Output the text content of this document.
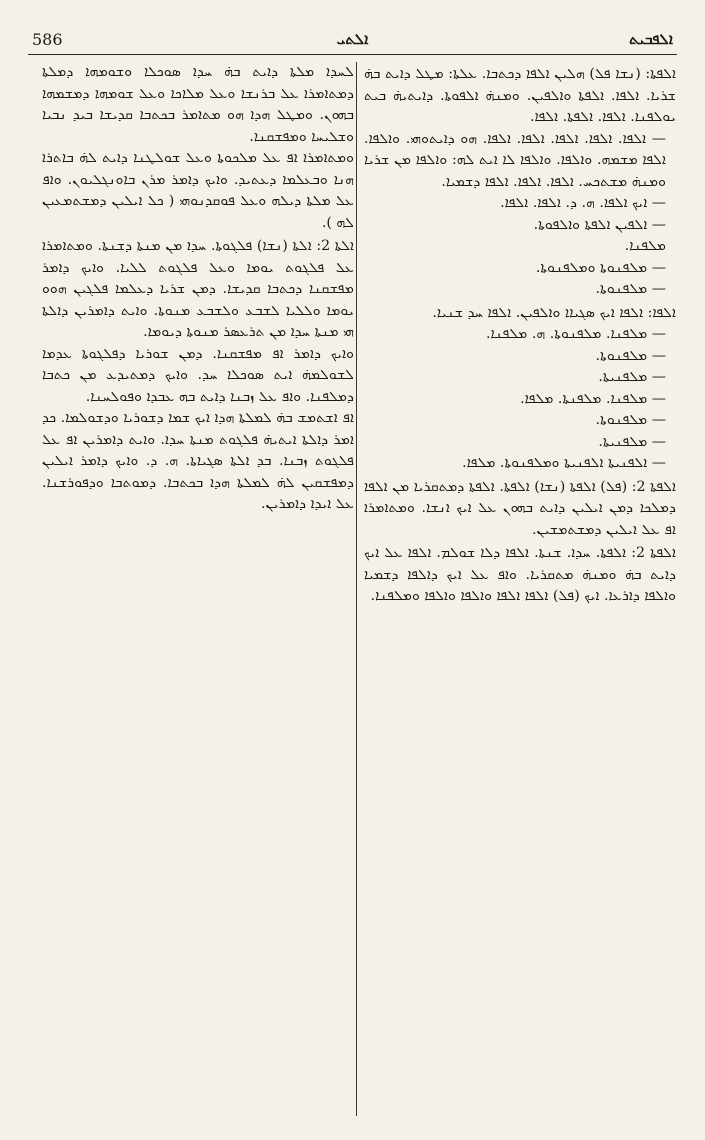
586	ܐܠܬܝ	ܐܠܦܒܝܬ

ܠܚܕܐ ܡܠܬܐ ܕܐܝܬ ܒܗ̇ ܚܕܐ ܣܘܟܠܐ ܘܫܘܡܗܐ ܕܡܠܬܐ ܕܡܬܐܡܪܐ ܥܠ ܒܪܢܫܐ ܘܥܠ ܡܠܐܟܐ ܘܥܠ ܫܘܡܗܐ ܕܡܫܡܗܐ ܒܗܘܢ. ܘܡܛܠ ܗܕܐ ܗܘ ܡܬܐܡܪ ܒܟܬܒܐ ܩܕܝܫܐ ܒܝܕ ܢܒܝܐ ܘܫܠܝܚܐ ܘܡܦܫܩܢܐ.

ܘܡܬܐܡܪܐ ܐܦ ܥܠ ܡܠܟܘܬܐ ܘܥܠ ܫܘܠܛܢܐ ܕܐܝܬ ܠܗ̇ ܒܐܬܪܐ ܗܢܐ ܘܒܥܠܡܐ ܕܥܬܝܕ. ܘܐܝܟ ܕܐܡܪ ܡܪܢ ܒܐܘܢܓܠܝܘܢ. ܘܐܦ ܥܠ ܡܠܬܐ ܕܝܠܗ ܘܥܠ ܦܘܩܕܢܘܗܝ ( ܟܠ ܐܝܠܝܢ ܕܡܫܬܡܥܝܢ ܠܗ ).

ܐܠܬܐ 2: ܐܠܬܐ (ܢܫܐ) ܦܠܓܘܬܐ. ܚܕܐ ܡܢ ܡܢܬܐ ܕܫܢܬܐ. ܘܡܬܐܡܪܐ ܥܠ ܦܠܓܘܬ ܝܘܡܐ ܘܥܠ ܦܠܓܘܬ ܠܠܝܐ. ܘܐܝܟ ܕܐܡܪ ܡܦܫܩܢܐ ܕܟܬܒܐ ܩܕܝܫܐ. ܕܡܢ ܫܪܝܐ ܕܥܠܡܐ ܦܠܓܝܢ ܗܘܘ ܝܘܡܐ ܘܠܠܝܐ ܠܫܒܥ ܘܠܫܒܥ ܡܢܘܬܐ. ܘܐܝܬ ܕܐܡܪܝܢ ܕܐܠܬܐ ܗܝ ܡܢܬܐ ܚܕܐ ܡܢ ܬܪܥܣܪ ܡܢܘܬܐ ܕܝܘܡܐ.

ܘܐܝܟ ܕܐܡܪ ܐܦ ܡܦܫܩܢܐ. ܕܡܢ ܫܘܪܝܐ ܕܦܠܓܘܬܐ ܥܕܡܐ ܠܫܘܠܡܗ̇ ܐܝܬ ܣܘܟܠܐ ܚܕ. ܘܐܝܟ ܕܡܬܝܕܥ ܡܢ ܟܬܒܐ ܕܡܠܦܢܐ. ܘܐܦ ܥܠ ܙܒܢܐ ܕܐܝܬ ܒܗ ܥܒܕܐ ܘܦܘܠܚܢܐ.

ܐܦ ܐܫܬܡܫ ܒܗ̇ ܠܡܠܬܐ ܗܕܐ ܐܝܟ ܫܡܐ ܕܫܘܪܝܐ ܘܕܫܘܠܡܐ. ܟܕ ܐܡܪ ܕܐܠܬܐ ܐܝܬܝܗ̇ ܦܠܓܘܬ ܡܢܬܐ ܚܕܐ. ܘܐܝܬ ܕܐܡܪܝܢ ܐܦ ܥܠ ܦܠܓܘܬ ܙܒܢܐ. ܒܕ ܐܠܬܐ ܣܓܝܐܬܐ. ܗ. ܕ. ܘܐܝܟ ܕܐܡܪ ܐܝܠܝܢ ܕܡܦܫܩܝܢ ܠܗ̇ ܠܡܠܬܐ ܗܕܐ ܒܟܬܒܐ. ܕܡܘܬܒܐ ܘܕܦܘܪܫܢܐ. ܥܠ ܐܝܕܐ ܕܐܡܪܝܢ.

ܐܠܦܬܐ: (ܢܫܐ ܦܠ) ܗܠܝܢ ܐܠܦܐ ܕܟܬܒܐ. ܥܠܬܐ: ܡܛܠ ܕܐܝܬ ܒܗ̇ ܫܪܝܐ. ܐܠܦܐ. ܐܠܦܬܐ ܘܐܠܦܝܢ. ܘܡܢܗ̇ ܐܠܦܘܬܐ. ܕܐܝܬܝܗ̇ ܒܝܬ ܝܘܠܦܢܐ. ܐܠܦܐ. ܐܠܦܬܐ. ܐܠܦܐ.

— ܐܠܦܐ. ܐܠܦܐ. ܐܠܦܐ. ܐܠܦܐ. ܐܠܦܐ. ܗܘ ܕܐܝܬܘܗܝ. ܘܐܠܦܐ. ܐܠܦܐ ܡܫܡܗ. ܘܐܠܦܐ. ܘܐܠܦܐ ܠܐ ܐܝܬ ܠܗ: ܘܐܠܦܐ ܡܢ ܫܪܝܐ ܘܡܢܗ̇ ܡܫܬܟܚ. ܐܠܦܐ. ܐܠܦܐ. ܐܠܦܐ ܕܫܡܝܐ.

— ܐܝܟ ܐܠܦܐ. ܗ. ܕ. ܐܠܦܐ. ܐܠܦܐ.

— ܐܠܦܝܢ ܐܠܦܬܐ ܘܐܠܦܘܬܐ.

ܡܠܦܢܐ.

— ܡܠܦܢܘܬܐ ܘܡܠܦܢܘܬܐ.

— ܡܠܦܢܘܬܐ.

ܐܠܦܐ: ܐܠܦܐ ܐܝܟ ܣܓܝܐܐ ܘܐܠܦܝܢ. ܐܠܦܐ ܚܕ ܫܢܝܐ.

— ܡܠܦܢܐ. ܡܠܦܢܘܬܐ. ܗ. ܡܠܦܢܐ.

— ܡܠܦܢܘܬܐ.

— ܡܠܦܢܝܬܐ.

— ܡܠܦܢܐ. ܡܠܦܢܬܐ. ܡܠܦܐ.

— ܡܠܦܢܘܬܐ.

— ܡܠܦܢܝܬܐ.

— ܐܠܦܢܝܬܐ ܐܠܦܢܝܬܐ ܘܡܠܦܢܘܬܐ. ܡܠܦܐ.

ܐܠܦܬܐ 2: (ܦܠ) ܐܠܦܬܐ (ܢܫܐ) ܐܠܦܬܐ. ܐܠܦܬܐ ܕܡܬܩܪܝܐ ܡܢ ܐܠܦܐ ܕܡܠܟܐ ܕܡܢ ܐܝܠܝܢ ܕܐܝܬ ܒܗܘܢ ܥܠ ܐܝܟ ܐܢܫܐ. ܘܡܬܐܡܪܐ ܐܦ ܥܠ ܐܝܠܝܢ ܕܡܫܬܡܫܝܢ.

ܐܠܦܬܐ 2: ܐܠܦܬܐ. ܚܕܐ. ܫܢܬܐ. ܐܠܦܐ ܕܠܐ ܫܘܠܡ. ܐܠܦܐ ܥܠ ܐܝܟ ܕܐܝܬ ܒܗ̇ ܘܡܢܗ̇ ܡܬܩܪܝܐ. ܘܐܦ ܥܠ ܐܝܟ ܕܐܠܦܐ ܕܫܡܝܐ ܘܐܠܦܐ ܕܐܪܥܐ. ܐܝܟ (ܦܠ) ܐܠܦܐ ܐܠܦܐ ܘܐܠܦܐ ܘܐܠܦܐ ܘܡܠܦܢܐ.
